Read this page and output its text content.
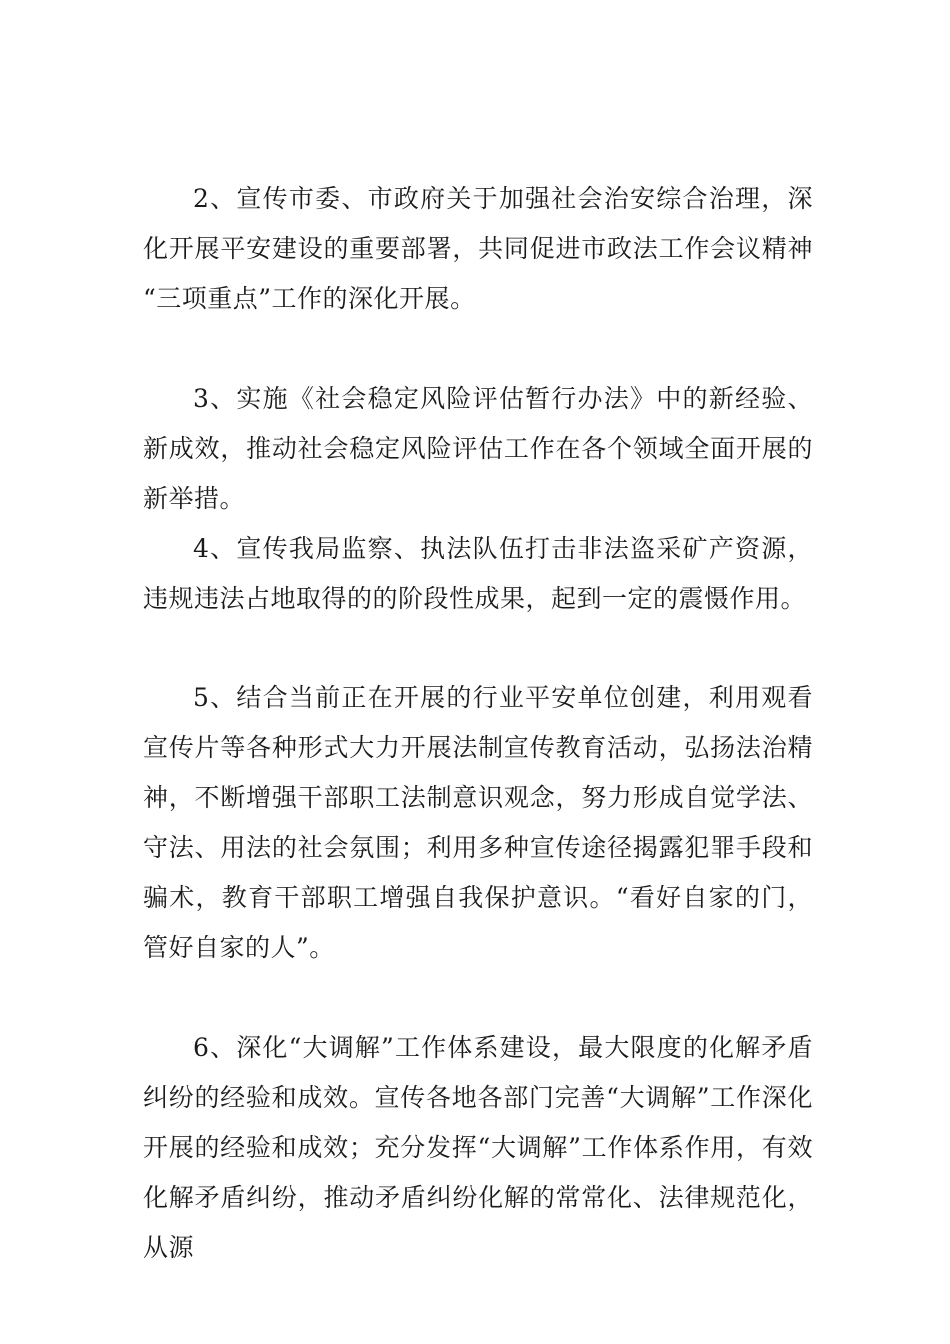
2、宣传市委、市政府关于加强社会治安综合治理，深化开展平安建设的重要部署，共同促进市政法工作会议精神 “三项重点”工作的深化开展。

3、实施《社会稳定风险评估暂行办法》中的新经验、新成效，推动社会稳定风险评估工作在各个领域全面开展的新举措。

4、宣传我局监察、执法队伍打击非法盗采矿产资源，违规违法占地取得的的阶段性成果，起到一定的震慑作用。

5、结合当前正在开展的行业平安单位创建，利用观看宣传片等各种形式大力开展法制宣传教育活动，弘扬法治精神，不断增强干部职工法制意识观念，努力形成自觉学法、守法、用法的社会氛围；利用多种宣传途径揭露犯罪手段和骗术，教育干部职工增强自我保护意识。“看好自家的门，管好自家的人”。

6、深化“大调解”工作体系建设，最大限度的化解矛盾纠纷的经验和成效。宣传各地各部门完善“大调解”工作深化开展的经验和成效；充分发挥“大调解”工作体系作用，有效化解矛盾纠纷，推动矛盾纠纷化解的常常化、法律规范化，从源
